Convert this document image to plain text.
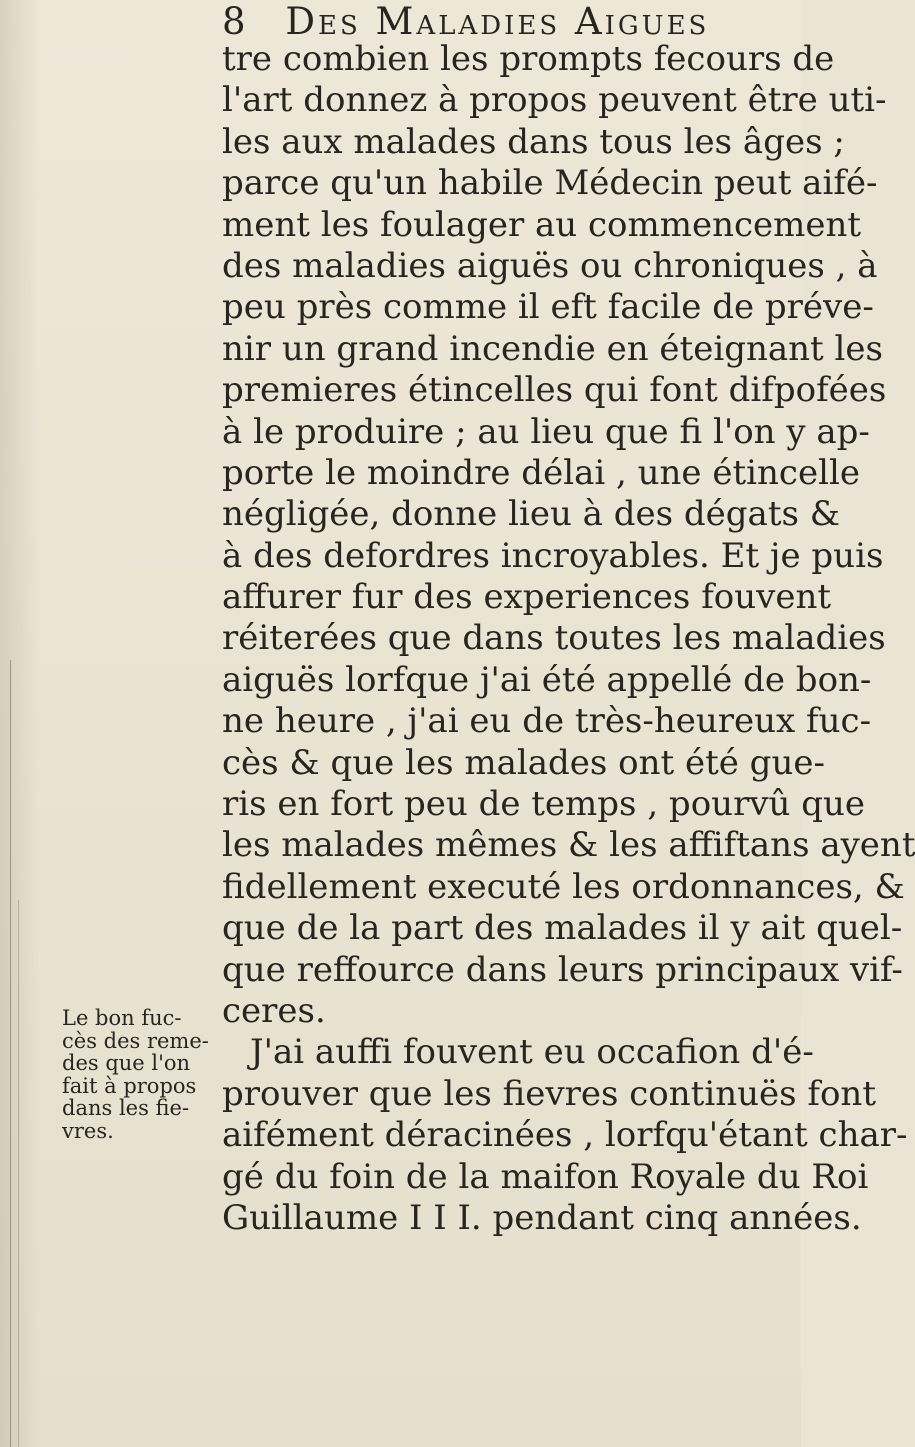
8 Des Maladies Aigues
tre combien les prompts fecours de
l'art donnez à propos peuvent être uti-
les aux malades dans tous les âges ;
parce qu'un habile Médecin peut aifé-
ment les foulager au commencement
des maladies aiguës ou chroniques , à
peu près comme il eft facile de préve-
nir un grand incendie en éteignant les
premieres étincelles qui font difpofées
à le produire ; au lieu que fi l'on y ap-
porte le moindre délai , une étincelle
négligée, donne lieu à des dégats &
à des defordres incroyables. Et je puis
affurer fur des experiences fouvent
réiterées que dans toutes les maladies
aiguës lorfque j'ai été appellé de bon-
ne heure , j'ai eu de très-heureux fuc-
cès & que les malades ont été gue-
ris en fort peu de temps , pourvû que
les malades mêmes & les affiftans ayent
fidellement executé les ordonnances, &
que de la part des malades il y ait quel-
que reffource dans leurs principaux vif-
ceres.
J'ai auffi fouvent eu occafion d'é-
prouver que les fievres continuës font
aifément déracinées , lorfqu'étant char-
gé du foin de la maifon Royale du Roi
Guillaume I I I. pendant cinq années.
Le bon fuc-
cès des reme-
des que l'on
fait à propos
dans les fie-
vres.
